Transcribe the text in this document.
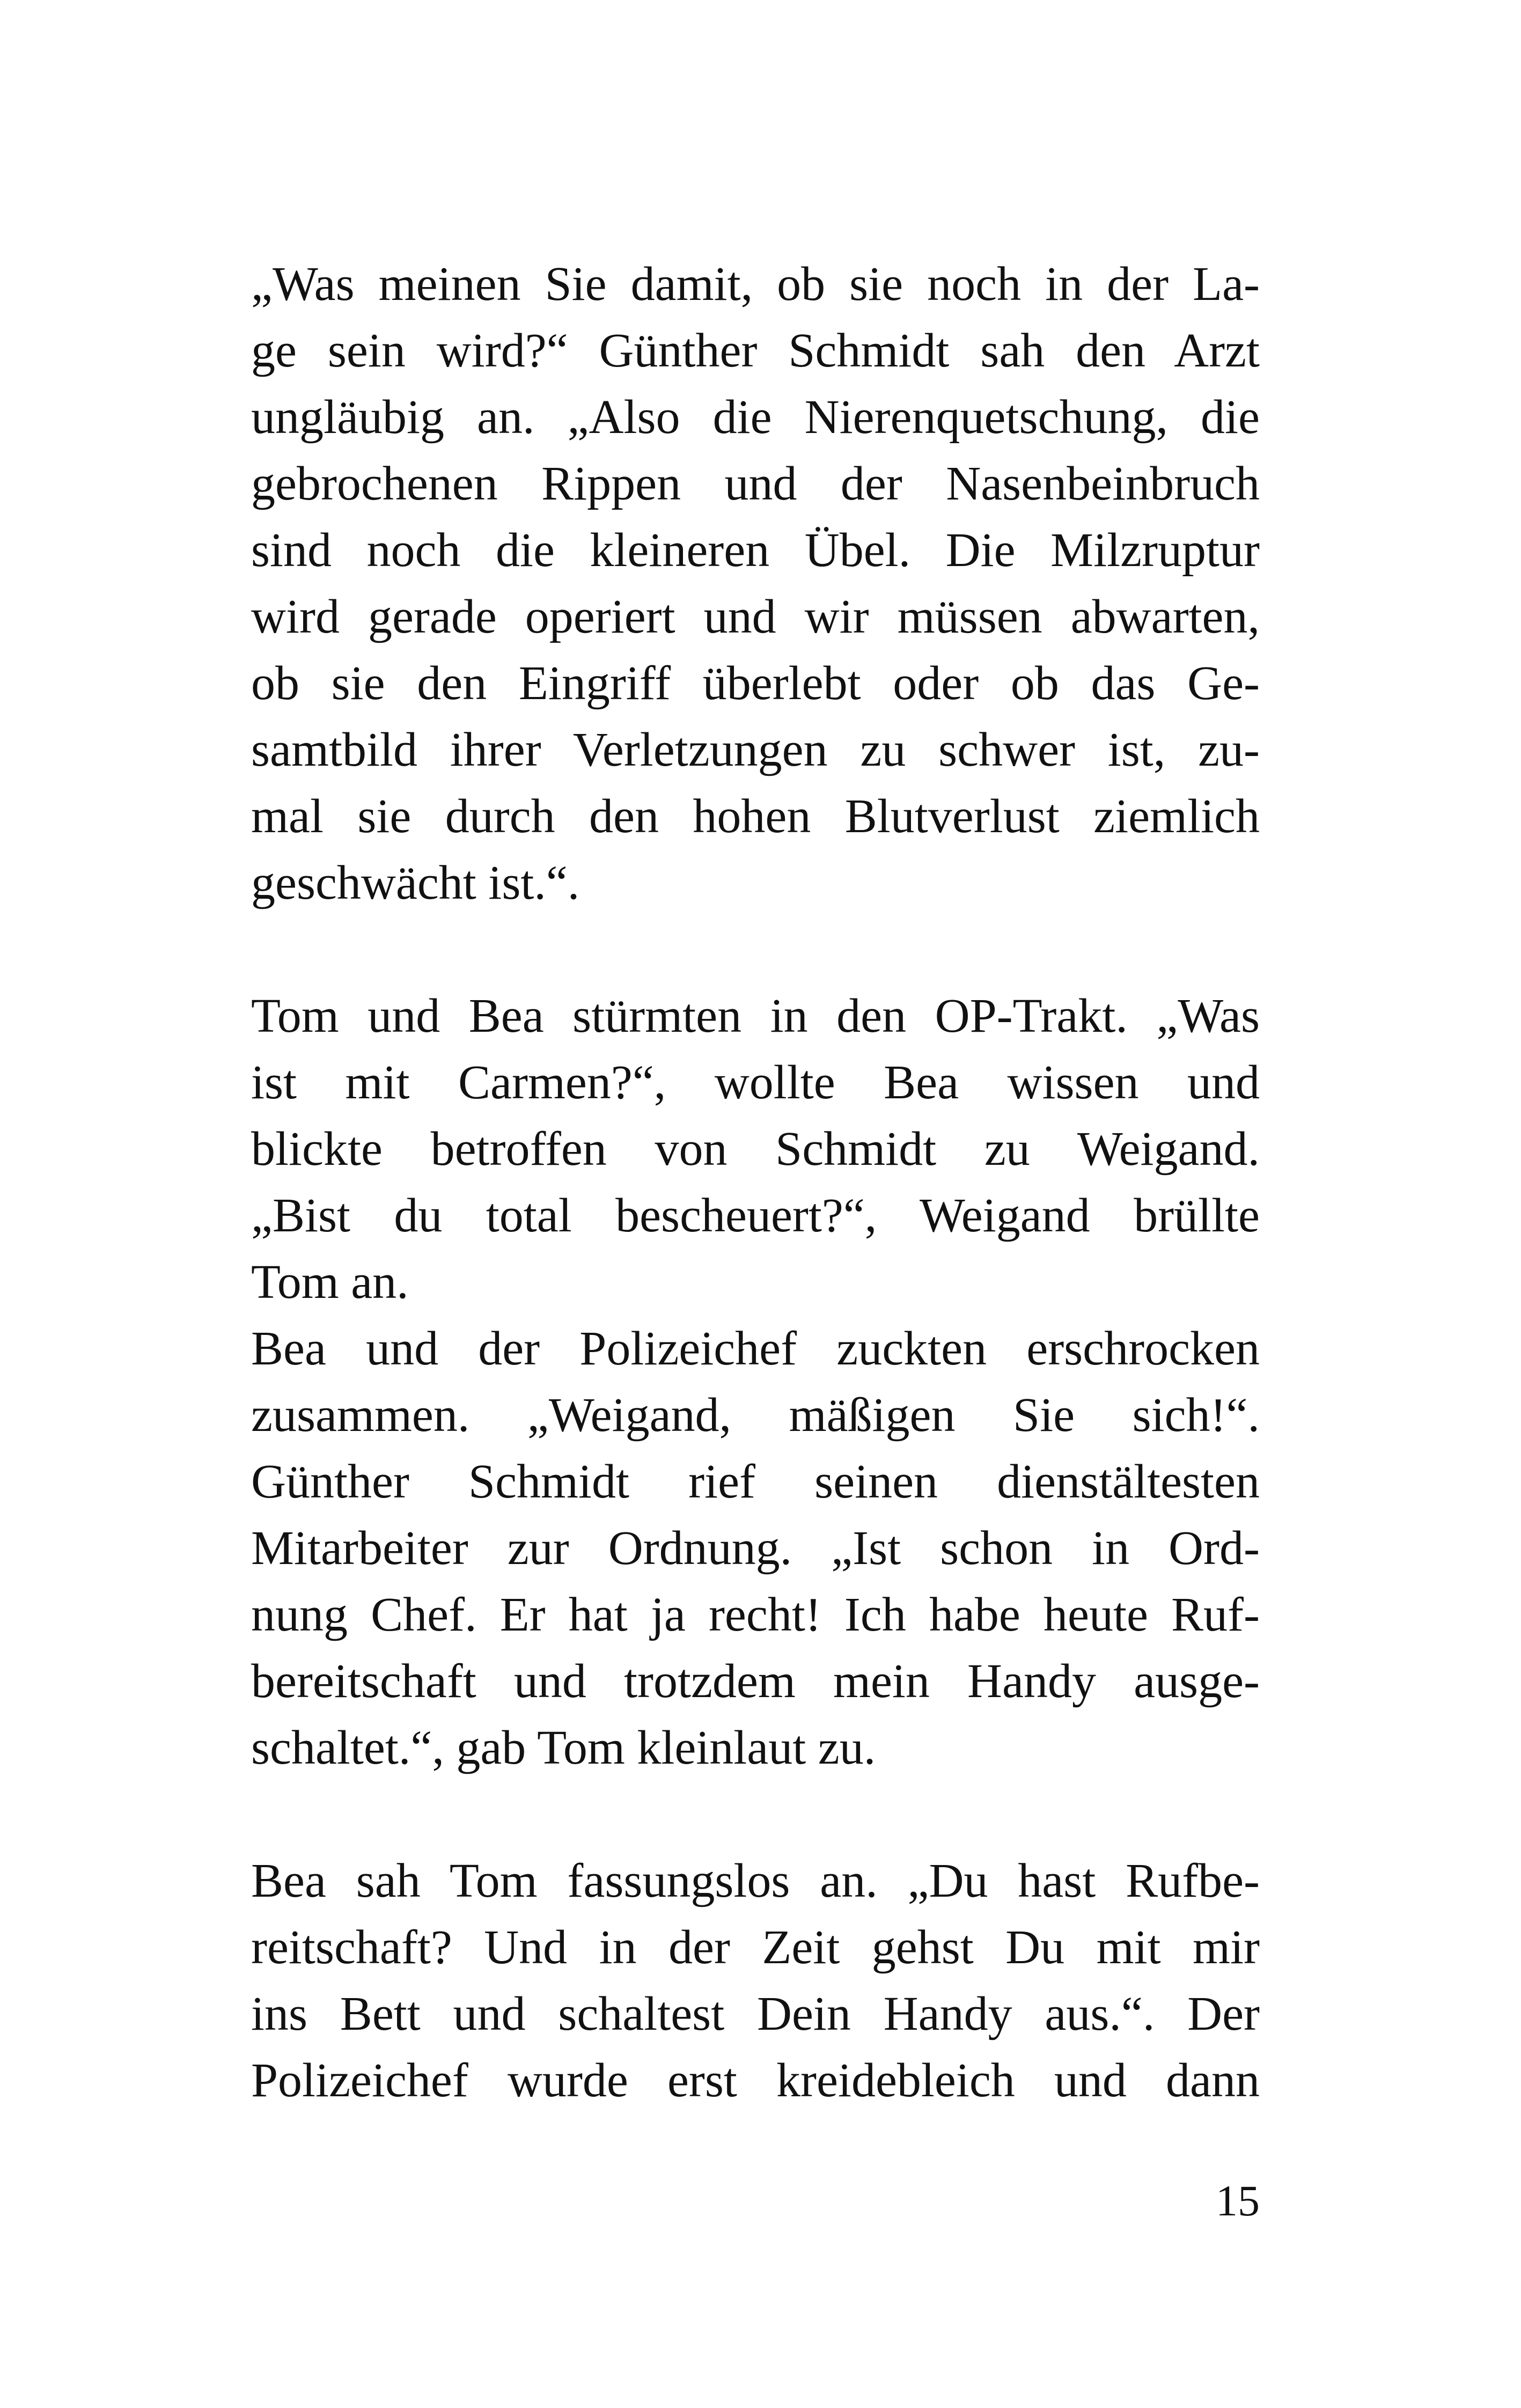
„Was meinen Sie damit, ob sie noch in der La-
ge sein wird?“ Günther Schmidt sah den Arzt
ungläubig an. „Also die Nierenquetschung, die
gebrochenen Rippen und der Nasenbeinbruch
sind noch die kleineren Übel. Die Milzruptur
wird gerade operiert und wir müssen abwarten,
ob sie den Eingriff überlebt oder ob das Ge-
samtbild ihrer Verletzungen zu schwer ist, zu-
mal sie durch den hohen Blutverlust ziemlich
geschwächt ist.“.
Tom und Bea stürmten in den OP-Trakt. „Was
ist mit Carmen?“, wollte Bea wissen und
blickte betroffen von Schmidt zu Weigand.
„Bist du total bescheuert?“, Weigand brüllte
Tom an.
Bea und der Polizeichef zuckten erschrocken
zusammen. „Weigand, mäßigen Sie sich!“.
Günther Schmidt rief seinen dienstältesten
Mitarbeiter zur Ordnung. „Ist schon in Ord-
nung Chef. Er hat ja recht! Ich habe heute Ruf-
bereitschaft und trotzdem mein Handy ausge-
schaltet.“, gab Tom kleinlaut zu.
Bea sah Tom fassungslos an. „Du hast Rufbe-
reitschaft? Und in der Zeit gehst Du mit mir
ins Bett und schaltest Dein Handy aus.“. Der
Polizeichef wurde erst kreidebleich und dann
15
